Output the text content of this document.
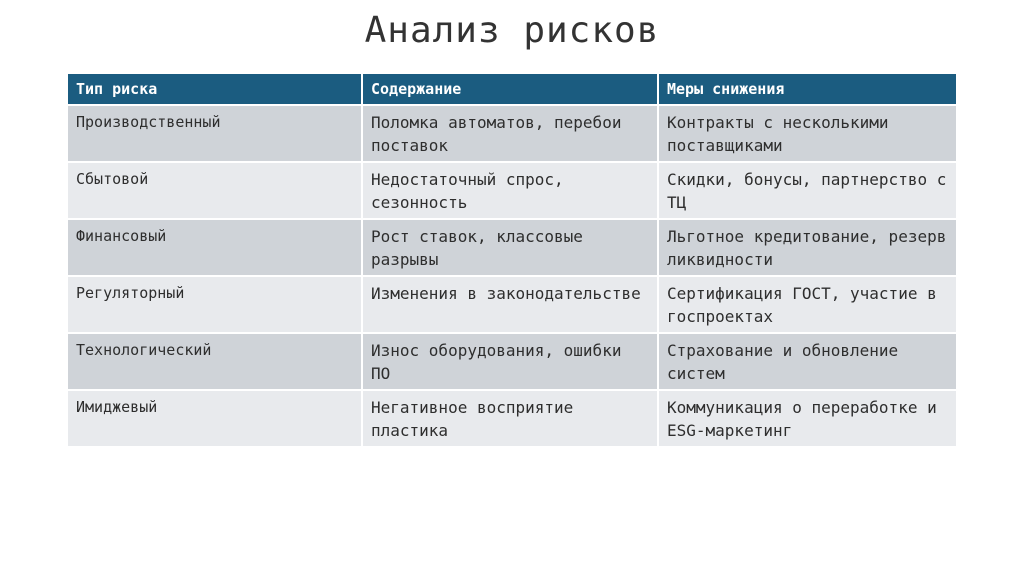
Анализ рисков
Тип риска	Содержание	Меры снижения
Производственный	Поломка автоматов, перебои поставок	Контракты с несколькими поставщиками
Сбытовой	Недостаточный спрос, сезонность	Скидки, бонусы, партнерство с ТЦ
Финансовый	Рост ставок, классовые разрывы	Льготное кредитование, резерв ликвидности
Регуляторный	Изменения в законодательстве	Сертификация ГОСТ, участие в госпроектах
Технологический	Износ оборудования, ошибки ПО	Страхование и обновление систем
Имиджевый	Негативное восприятие пластика	Коммуникация о переработке и ESG-маркетинг
